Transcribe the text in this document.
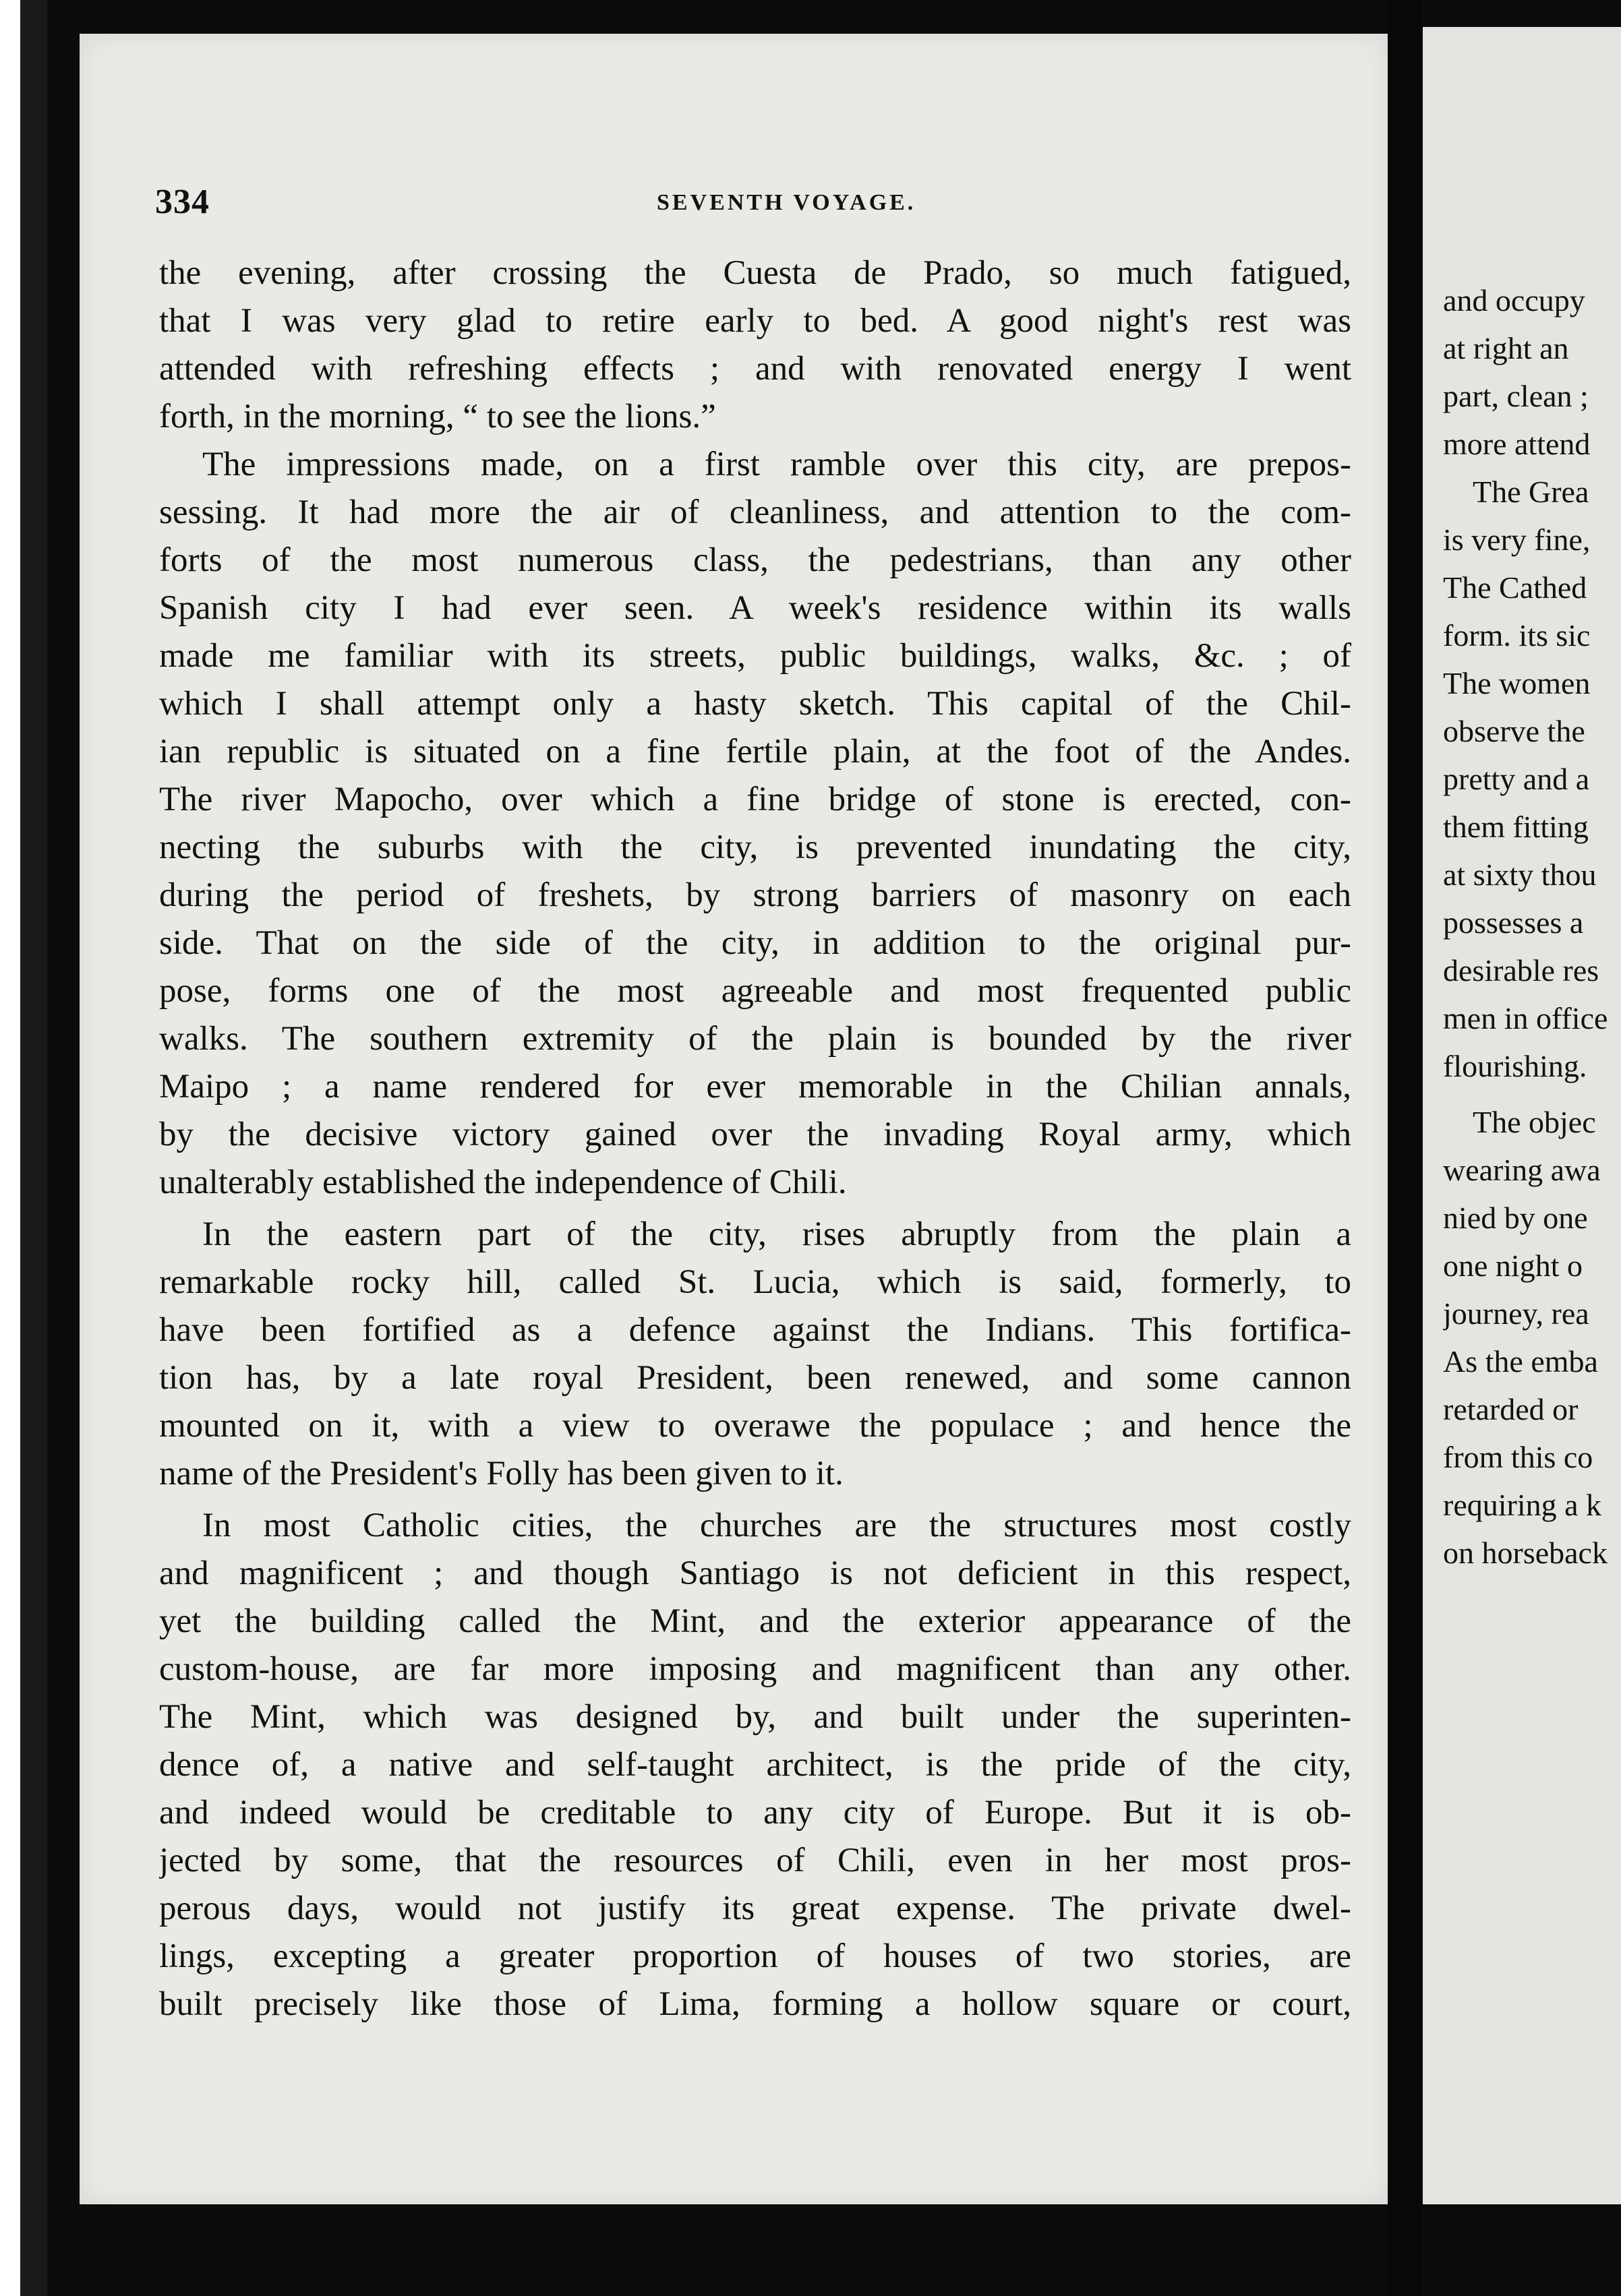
334	SEVENTH VOYAGE.
the evening, after crossing the Cuesta de Prado, so much fatigued,
that I was very glad to retire early to bed. A good night's rest was
attended with refreshing effects ; and with renovated energy I went
forth, in the morning, “ to see the lions.”
The impressions made, on a first ramble over this city, are prepos-
sessing. It had more the air of cleanliness, and attention to the com-
forts of the most numerous class, the pedestrians, than any other
Spanish city I had ever seen. A week's residence within its walls
made me familiar with its streets, public buildings, walks, &c. ; of
which I shall attempt only a hasty sketch. This capital of the Chil-
ian republic is situated on a fine fertile plain, at the foot of the Andes.
The river Mapocho, over which a fine bridge of stone is erected, con-
necting the suburbs with the city, is prevented inundating the city,
during the period of freshets, by strong barriers of masonry on each
side. That on the side of the city, in addition to the original pur-
pose, forms one of the most agreeable and most frequented public
walks. The southern extremity of the plain is bounded by the river
Maipo ; a name rendered for ever memorable in the Chilian annals,
by the decisive victory gained over the invading Royal army, which
unalterably established the independence of Chili.
In the eastern part of the city, rises abruptly from the plain a
remarkable rocky hill, called St. Lucia, which is said, formerly, to
have been fortified as a defence against the Indians. This fortifica-
tion has, by a late royal President, been renewed, and some cannon
mounted on it, with a view to overawe the populace ; and hence the
name of the President's Folly has been given to it.
In most Catholic cities, the churches are the structures most costly
and magnificent ; and though Santiago is not deficient in this respect,
yet the building called the Mint, and the exterior appearance of the
custom-house, are far more imposing and magnificent than any other.
The Mint, which was designed by, and built under the superinten-
dence of, a native and self-taught architect, is the pride of the city,
and indeed would be creditable to any city of Europe. But it is ob-
jected by some, that the resources of Chili, even in her most pros-
perous days, would not justify its great expense. The private dwel-
lings, excepting a greater proportion of houses of two stories, are
built precisely like those of Lima, forming a hollow square or court,
and occupy
at right an
part, clean ;
more attend
The Grea
is very fine,
The Cathed
form. its sic
The women
observe the
pretty and a
them fitting
at sixty thou
possesses a
desirable res
men in office
flourishing.
The objec
wearing awa
nied by one
one night o
journey, rea
As the emba
retarded or
from this co
requiring a k
on horseback
